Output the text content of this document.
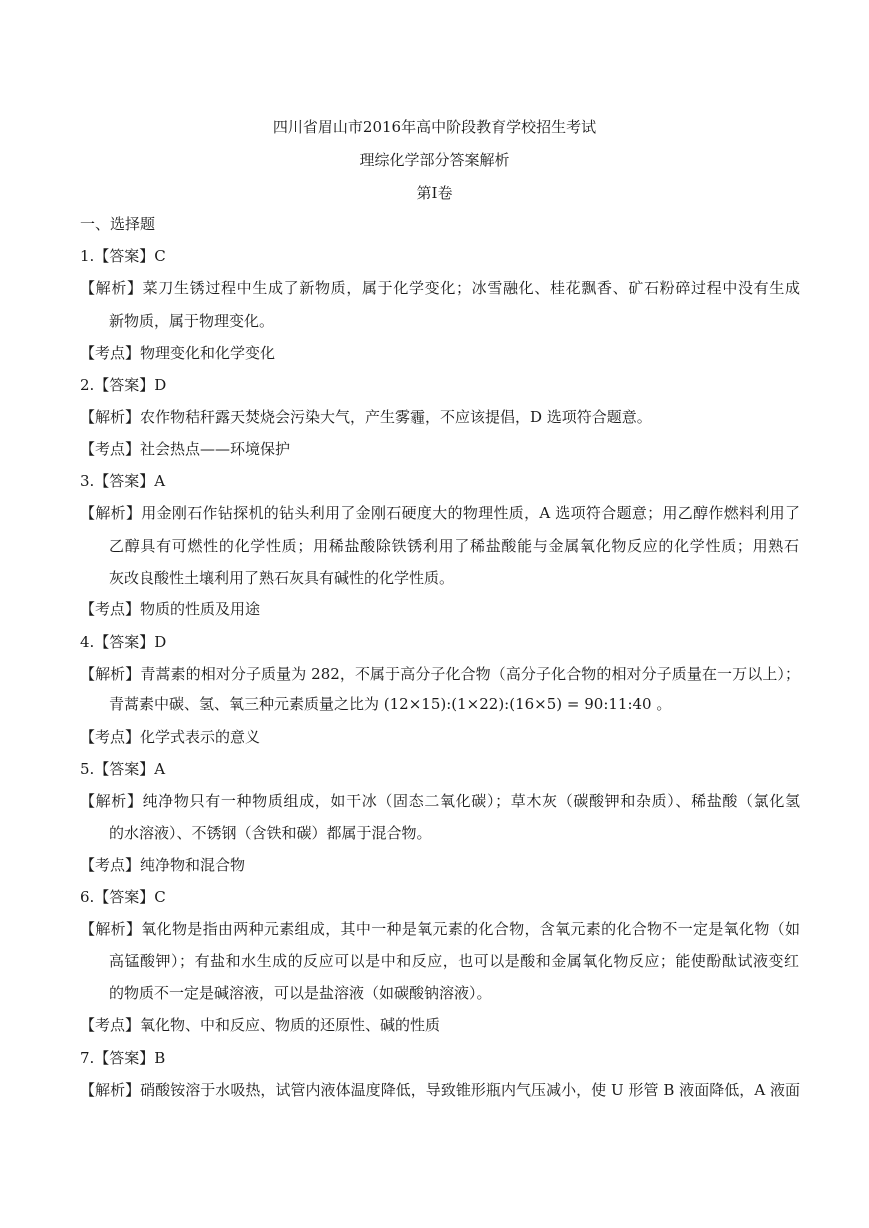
四川省眉山市2016年高中阶段教育学校招生考试
理综化学部分答案解析
第Ⅰ卷
一、选择题
1.【答案】C
【解析】菜刀生锈过程中生成了新物质，属于化学变化；冰雪融化、桂花飘香、矿石粉碎过程中没有生成
新物质，属于物理变化。
【考点】物理变化和化学变化
2.【答案】D
【解析】农作物秸秆露天焚烧会污染大气，产生雾霾，不应该提倡，D 选项符合题意。
【考点】社会热点——环境保护
3.【答案】A
【解析】用金刚石作钻探机的钻头利用了金刚石硬度大的物理性质，A 选项符合题意；用乙醇作燃料利用了
乙醇具有可燃性的化学性质；用稀盐酸除铁锈利用了稀盐酸能与金属氧化物反应的化学性质；用熟石
灰改良酸性土壤利用了熟石灰具有碱性的化学性质。
【考点】物质的性质及用途
4.【答案】D
【解析】青蒿素的相对分子质量为 282，不属于高分子化合物（高分子化合物的相对分子质量在一万以上）；
青蒿素中碳、氢、氧三种元素质量之比为 (12×15):(1×22):(16×5) = 90:11:40 。
【考点】化学式表示的意义
5.【答案】A
【解析】纯净物只有一种物质组成，如干冰（固态二氧化碳）；草木灰（碳酸钾和杂质）、稀盐酸（氯化氢
的水溶液）、不锈钢（含铁和碳）都属于混合物。
【考点】纯净物和混合物
6.【答案】C
【解析】氧化物是指由两种元素组成，其中一种是氧元素的化合物，含氧元素的化合物不一定是氧化物（如
高锰酸钾）；有盐和水生成的反应可以是中和反应，也可以是酸和金属氧化物反应；能使酚酞试液变红
的物质不一定是碱溶液，可以是盐溶液（如碳酸钠溶液）。
【考点】氧化物、中和反应、物质的还原性、碱的性质
7.【答案】B
【解析】硝酸铵溶于水吸热，试管内液体温度降低，导致锥形瓶内气压减小，使 U 形管 B 液面降低，A 液面
